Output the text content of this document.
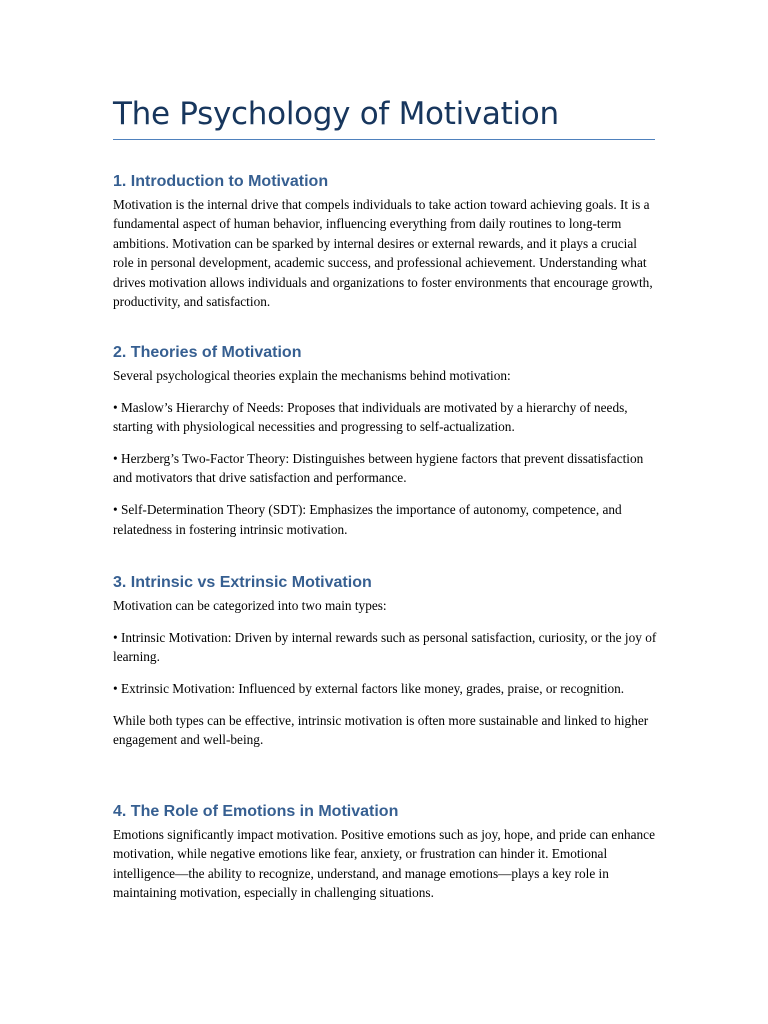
The Psychology of Motivation
1. Introduction to Motivation

Motivation is the internal drive that compels individuals to take action toward achieving goals. It is a fundamental aspect of human behavior, influencing everything from daily routines to long-term ambitions. Motivation can be sparked by internal desires or external rewards, and it plays a crucial role in personal development, academic success, and professional achievement. Understanding what drives motivation allows individuals and organizations to foster environments that encourage growth, productivity, and satisfaction.

2. Theories of Motivation

Several psychological theories explain the mechanisms behind motivation:

• Maslow’s Hierarchy of Needs: Proposes that individuals are motivated by a hierarchy of needs, starting with physiological necessities and progressing to self-actualization.

• Herzberg’s Two-Factor Theory: Distinguishes between hygiene factors that prevent dissatisfaction and motivators that drive satisfaction and performance.

• Self-Determination Theory (SDT): Emphasizes the importance of autonomy, competence, and relatedness in fostering intrinsic motivation.

3. Intrinsic vs Extrinsic Motivation

Motivation can be categorized into two main types:

• Intrinsic Motivation: Driven by internal rewards such as personal satisfaction, curiosity, or the joy of learning.

• Extrinsic Motivation: Influenced by external factors like money, grades, praise, or recognition.

While both types can be effective, intrinsic motivation is often more sustainable and linked to higher engagement and well-being.

4. The Role of Emotions in Motivation

Emotions significantly impact motivation. Positive emotions such as joy, hope, and pride can enhance motivation, while negative emotions like fear, anxiety, or frustration can hinder it. Emotional intelligence—the ability to recognize, understand, and manage emotions—plays a key role in maintaining motivation, especially in challenging situations.
